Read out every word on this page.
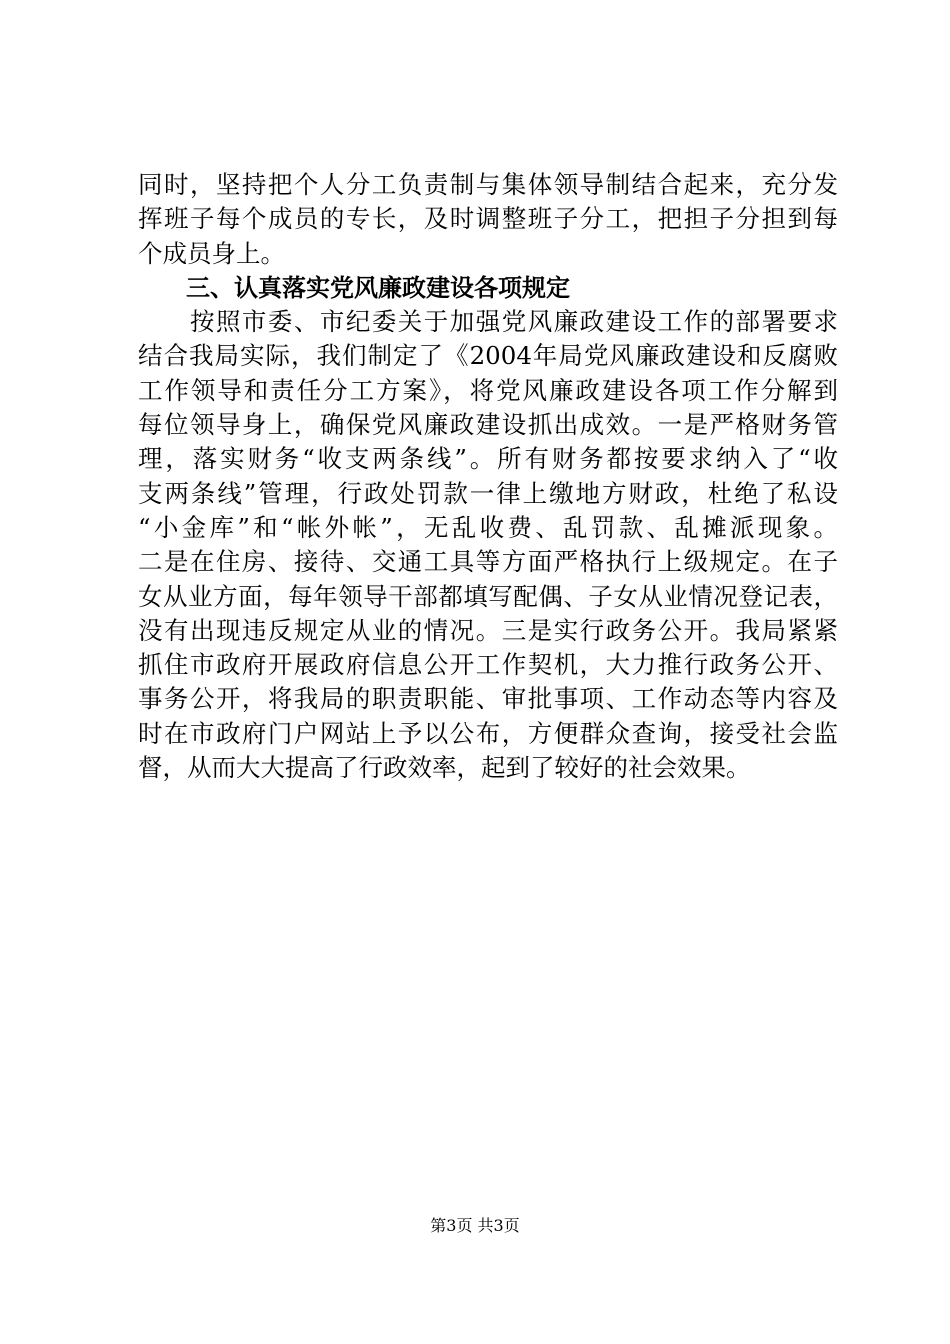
同时，坚持把个人分工负责制与集体领导制结合起来，充分发
挥班子每个成员的专长，及时调整班子分工，把担子分担到每
个成员身上。
三、认真落实党风廉政建设各项规定
　　按照市委、市纪委关于加强党风廉政建设工作的部署要求
结合我局实际，我们制定了《2004年局党风廉政建设和反腐败
工作领导和责任分工方案》，将党风廉政建设各项工作分解到
每位领导身上，确保党风廉政建设抓出成效。一是严格财务管
理，落实财务“收支两条线”。所有财务都按要求纳入了“收
支两条线”管理，行政处罚款一律上缴地方财政，杜绝了私设
“小金库”和“帐外帐”，无乱收费、乱罚款、乱摊派现象。
二是在住房、接待、交通工具等方面严格执行上级规定。在子
女从业方面，每年领导干部都填写配偶、子女从业情况登记表，
没有出现违反规定从业的情况。三是实行政务公开。我局紧紧
抓住市政府开展政府信息公开工作契机，大力推行政务公开、
事务公开，将我局的职责职能、审批事项、工作动态等内容及
时在市政府门户网站上予以公布，方便群众查询，接受社会监
督，从而大大提高了行政效率，起到了较好的社会效果。
第3页 共3页
